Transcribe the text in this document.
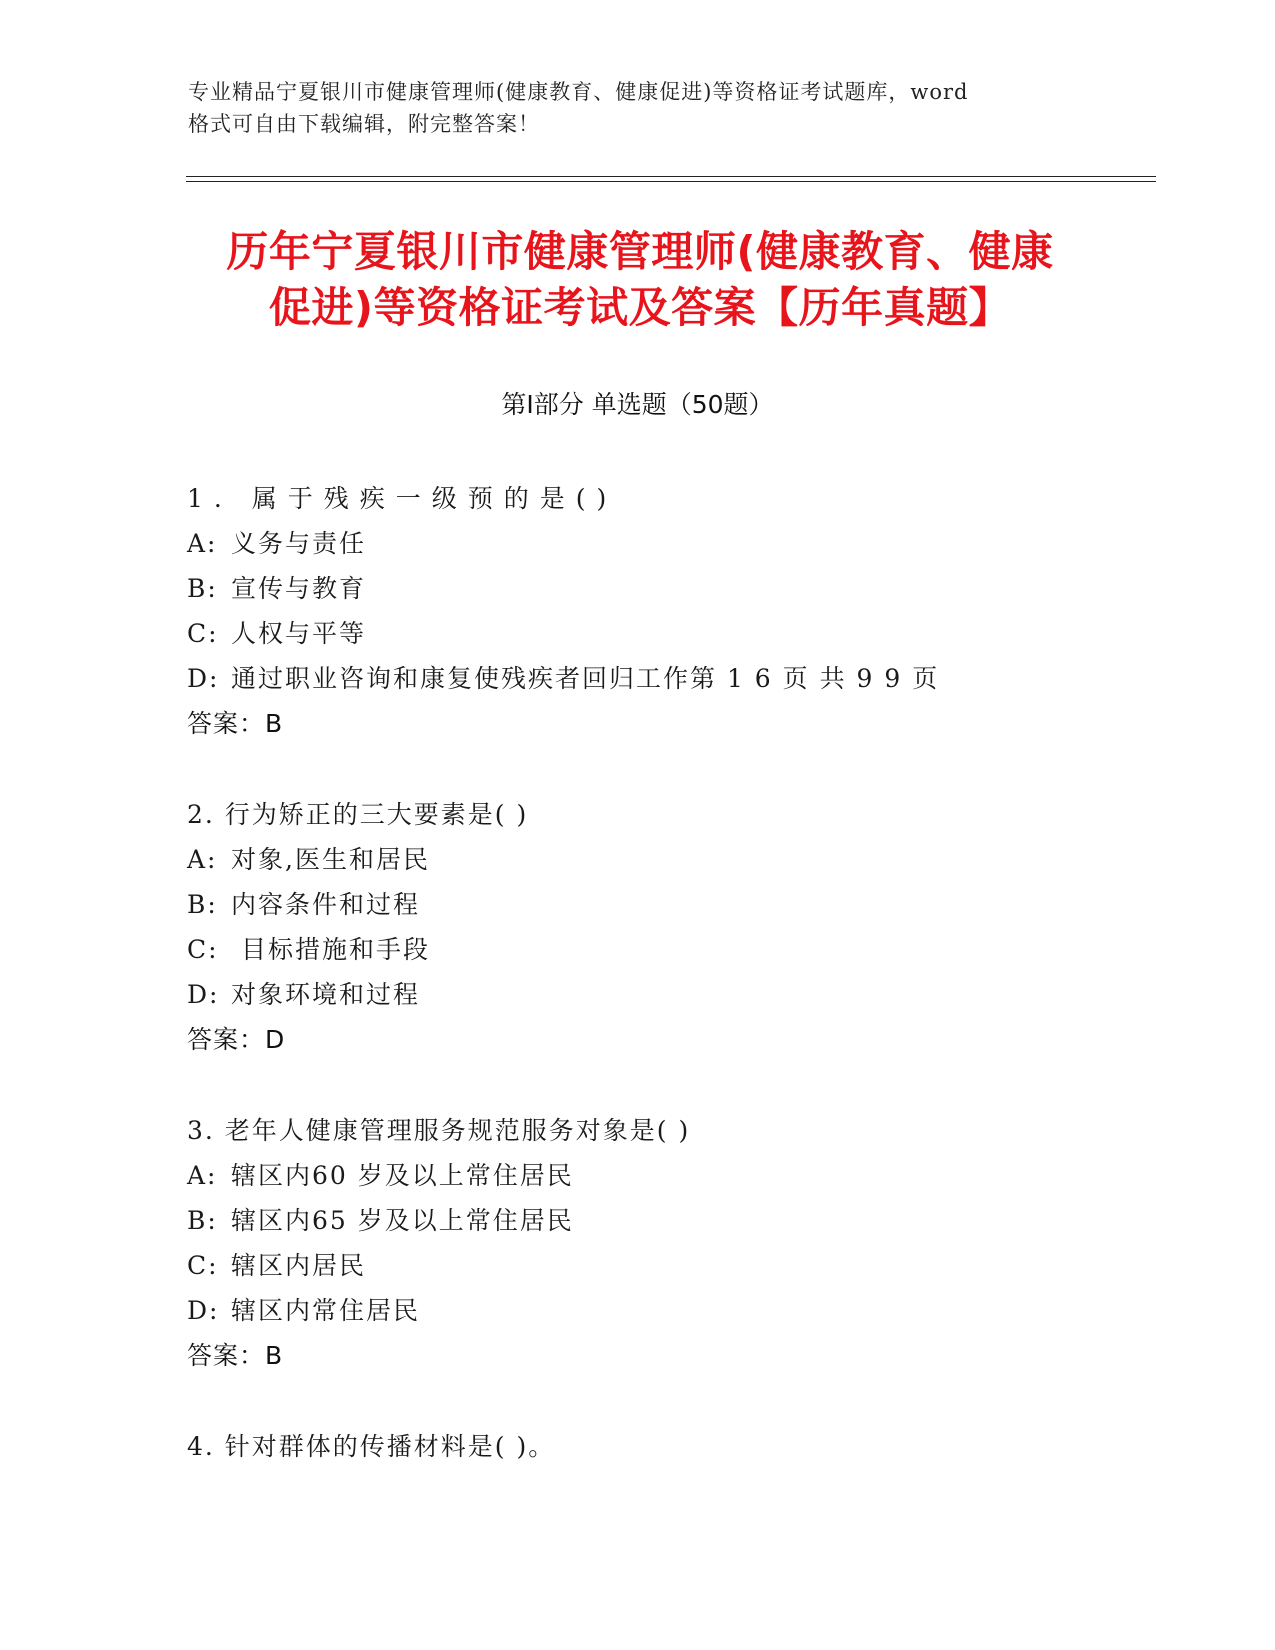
专业精品宁夏银川市健康管理师(健康教育、健康促进)等资格证考试题库，word
格式可自由下载编辑，附完整答案！
历年宁夏银川市健康管理师(健康教育、健康
促进)等资格证考试及答案【历年真题】
第Ⅰ部分 单选题（50题）
1. 属于残疾一级预的是()
A: 义务与责任
B: 宣传与教育
C: 人权与平等
D: 通过职业咨询和康复使残疾者回归工作第 1 6 页 共 9 9 页
答案：B
2. 行为矫正的三大要素是( )
A: 对象,医生和居民
B: 内容条件和过程
C: 目标措施和手段
D: 对象环境和过程
答案：D
3. 老年人健康管理服务规范服务对象是( )
A: 辖区内60 岁及以上常住居民
B: 辖区内65 岁及以上常住居民
C: 辖区内居民
D: 辖区内常住居民
答案：B
4. 针对群体的传播材料是( )。
